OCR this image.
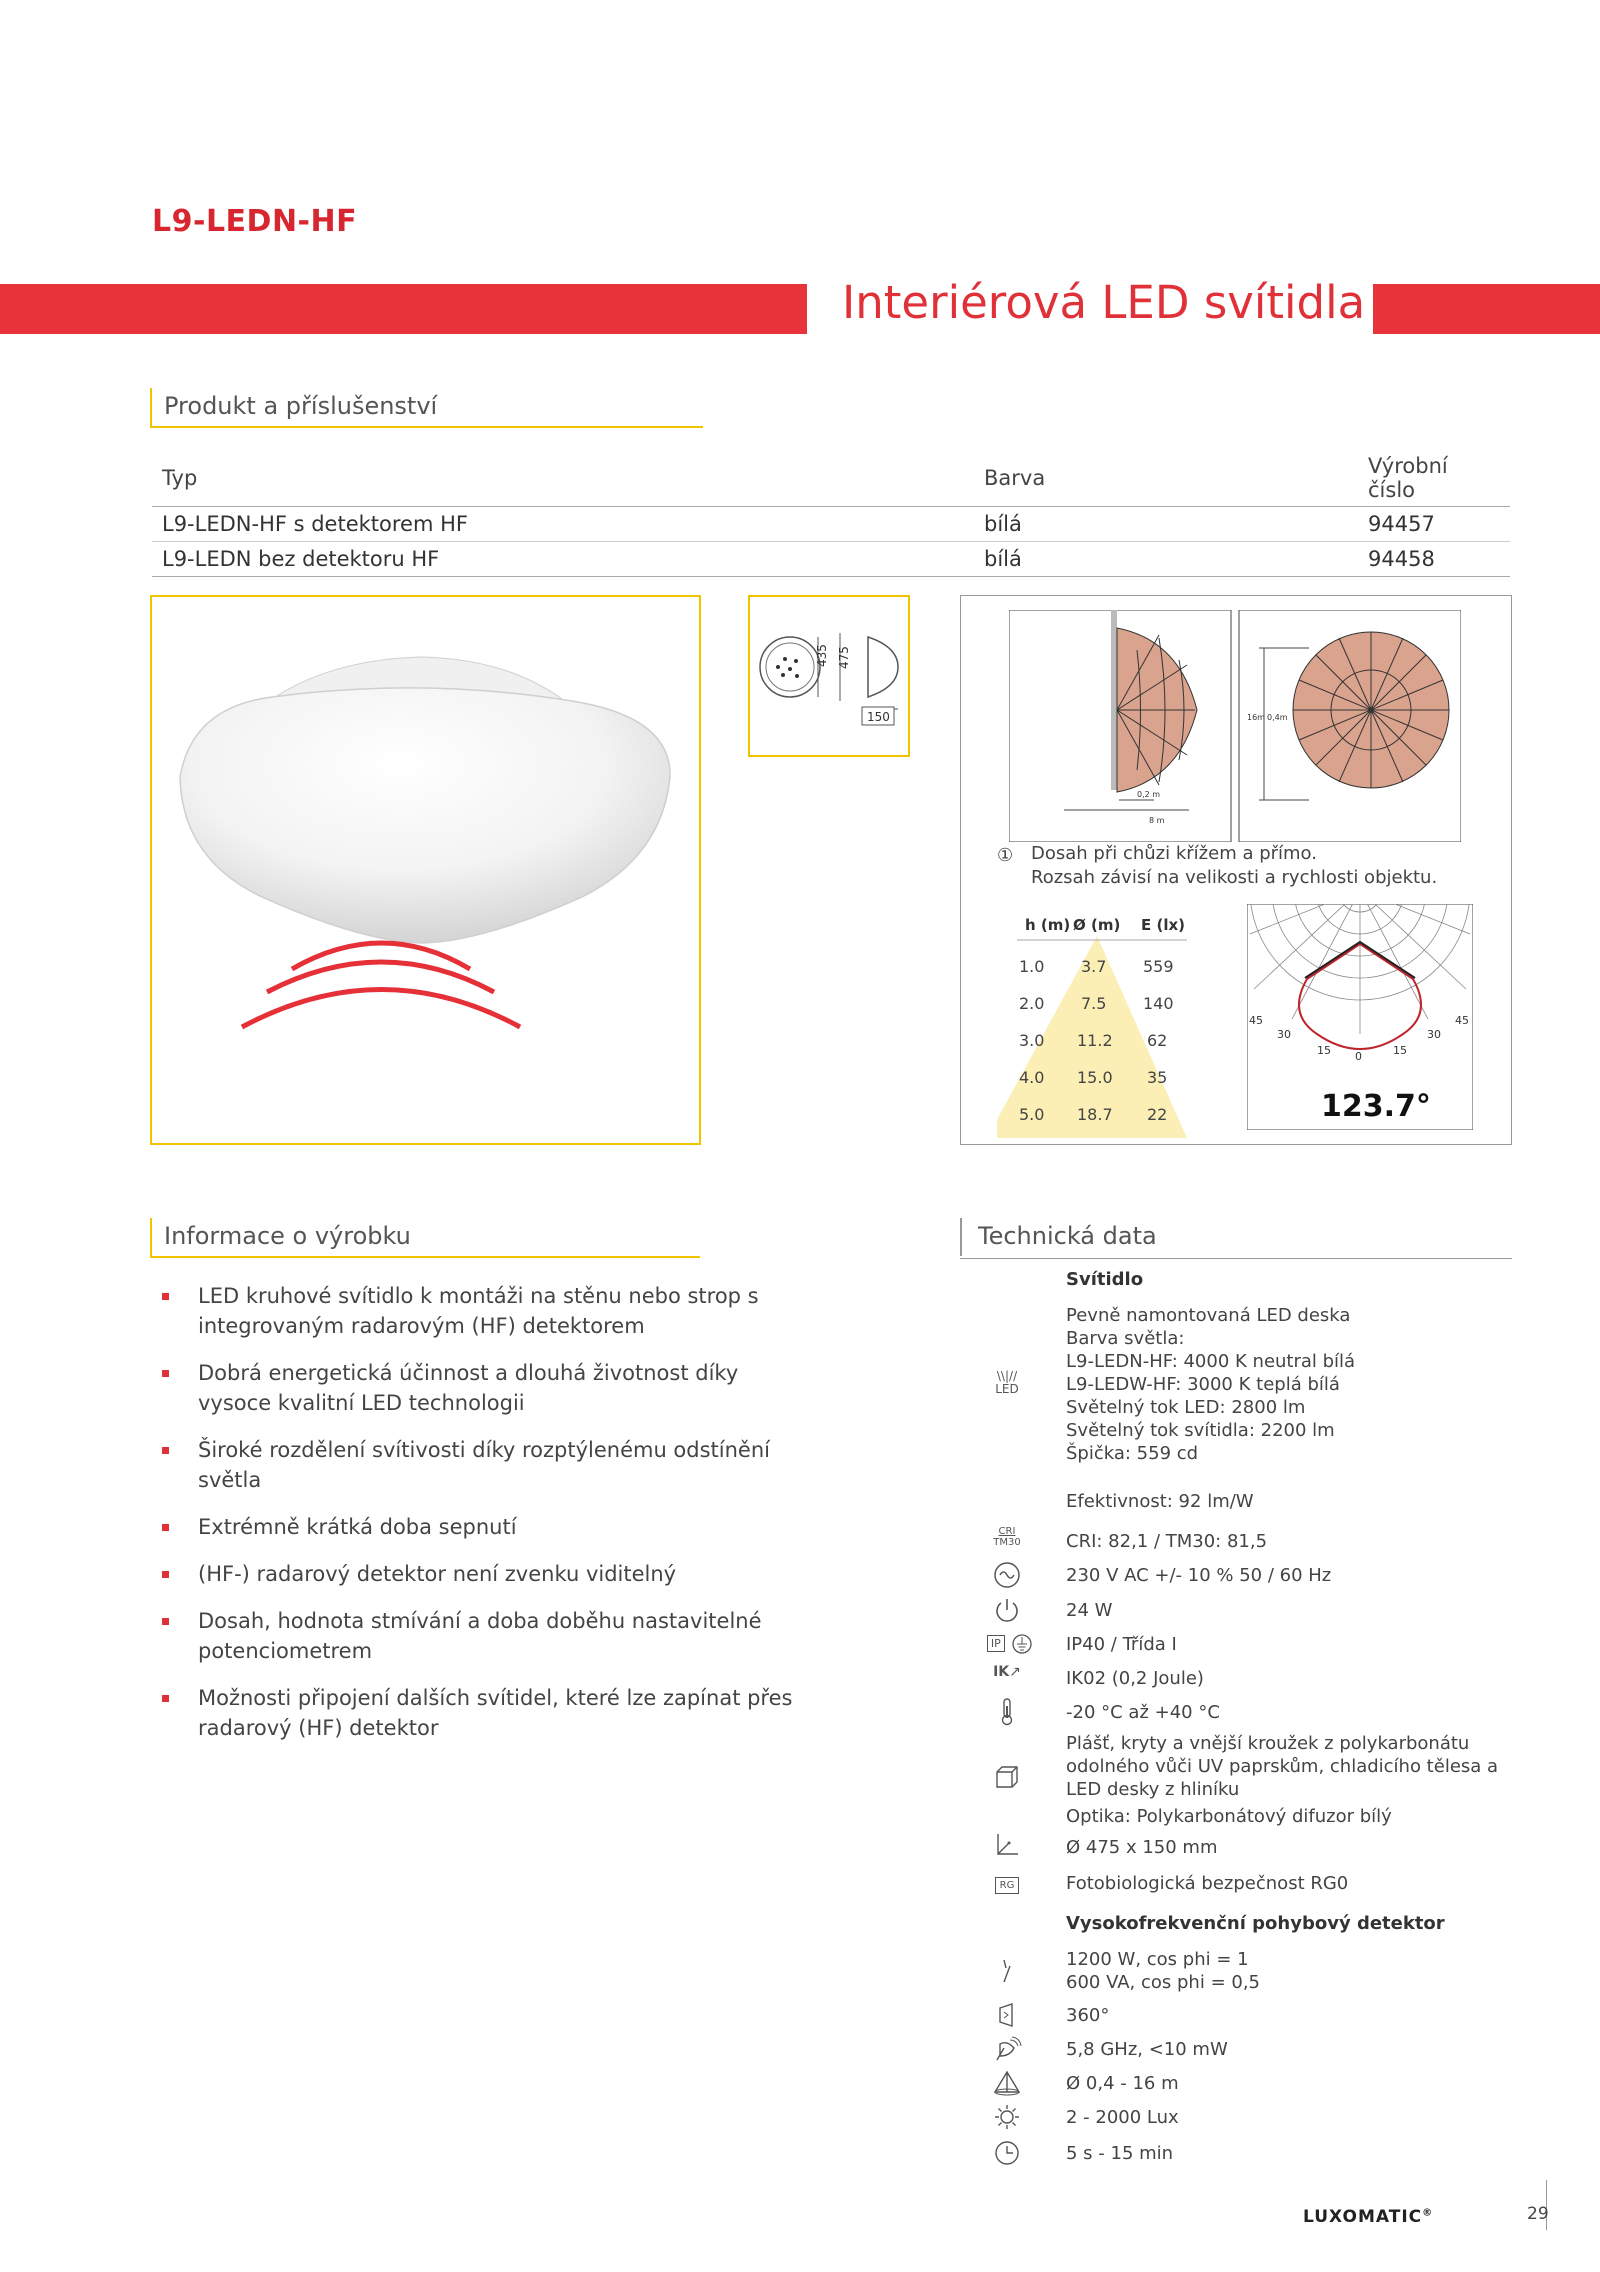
L9-LEDN-HF
Interiérová LED svítidla
Produkt a příslušenství
Typ	Barva	Výrobní číslo
L9-LEDN-HF s detektorem HF	bílá	94457
L9-LEDN bez detektoru HF	bílá	94458
435 475
150
0,2 m
8 m
16m 0,4m
① Dosah při chůzi křížem a přímo.
Rozsah závisí na velikosti a rychlosti objektu.
h (m) Ø (m) E (lx)
1.0 3.7 559
2.0 7.5 140
3.0 11.2 62
4.0 15.0 35
5.0 18.7 22
45
30
15 0	15
30
45
123.7°
Informace o výrobku
LED kruhové svítidlo k montáži na stěnu nebo strop s integrovaným radarovým (HF) detektorem
Dobrá energetická účinnost a dlouhá životnost díky vysoce kvalitní LED technologii
Široké rozdělení svítivosti díky rozptýlenému odstínění světla
Extrémně krátká doba sepnutí
(HF-) radarový detektor není zvenku viditelný
Dosah, hodnota stmívání a doba doběhu nastavitelné potenciometrem
Možnosti připojení dalších svítidel, které lze zapínat přes radarový (HF) detektor
Technická data
Svítidlo
\\|//
LED
Pevně namontovaná LED deska
Barva světla:
L9-LEDN-HF: 4000 K neutral bílá
L9-LEDW-HF: 3000 K teplá bílá
Světelný tok LED: 2800 lm
Světelný tok svítidla: 2200 lm
Špička: 559 cd
Efektivnost: 92 lm/W
CRI
TM30	CRI: 82,1 / TM30: 81,5
230 V AC +/- 10 % 50 / 60 Hz
24 W
IP	IP40 / Třída I
IK↗	IK02 (0,2 Joule)
-20 °C až +40 °C
Plášť, kryty a vnější kroužek z polykarbonátu
odolného vůči UV paprskům, chladicího tělesa a
LED desky z hliníku
Optika: Polykarbonátový difuzor bílý
Ø 475 x 150 mm
RG	Fotobiologická bezpečnost RG0
Vysokofrekvenční pohybový detektor
1200 W, cos phi = 1
600 VA, cos phi = 0,5
360°
5,8 GHz, <10 mW
Ø 0,4 - 16 m
2 - 2000 Lux
5 s - 15 min
LUXOMATIC®	29
